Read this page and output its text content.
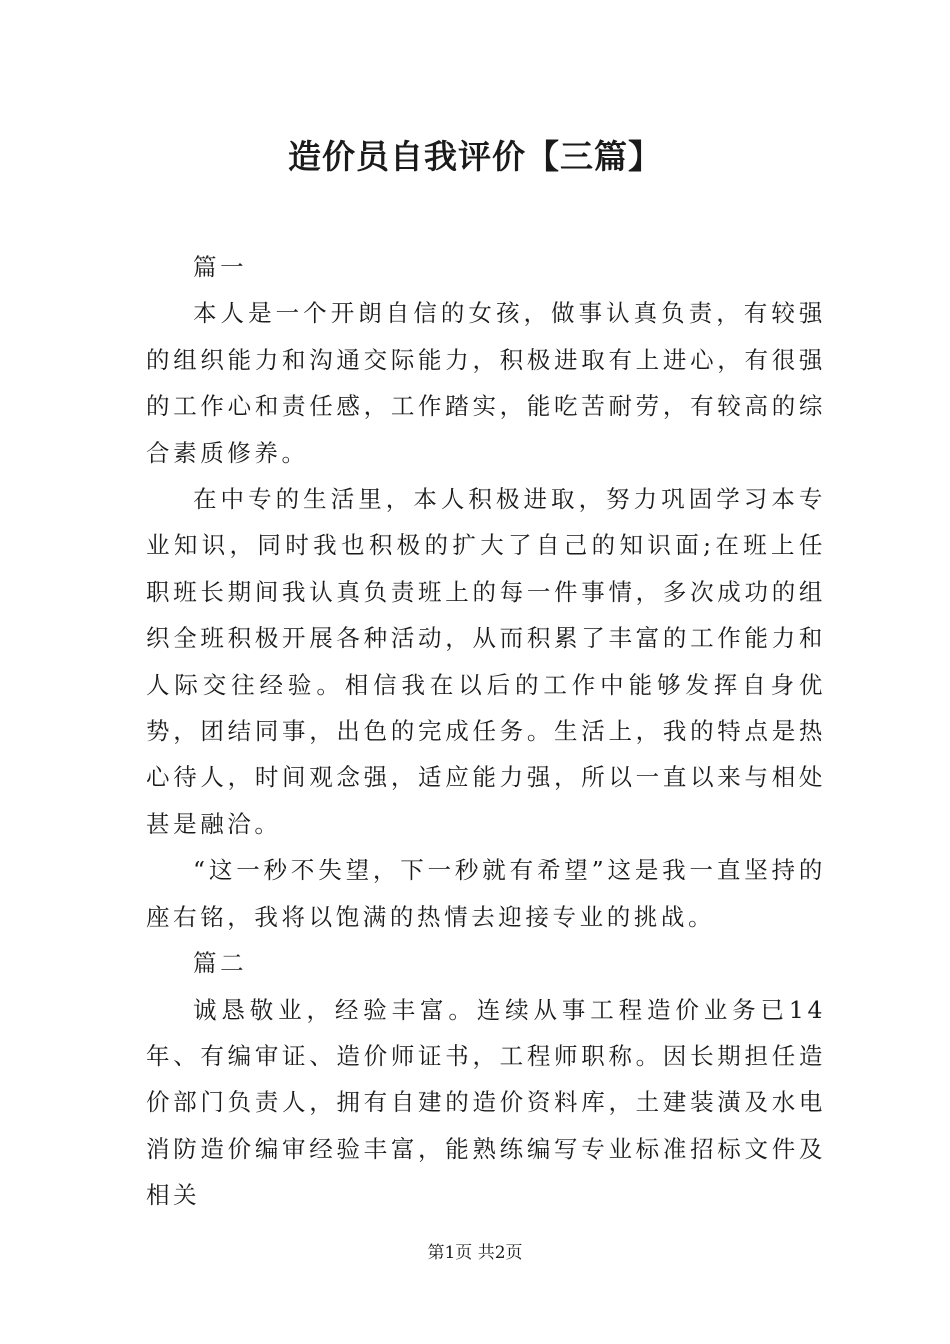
造价员自我评价【三篇】

篇一

本人是一个开朗自信的女孩，做事认真负责，有较强的组织能力和沟通交际能力，积极进取有上进心，有很强的工作心和责任感，工作踏实，能吃苦耐劳，有较高的综合素质修养。

在中专的生活里，本人积极进取，努力巩固学习本专业知识，同时我也积极的扩大了自己的知识面;在班上任职班长期间我认真负责班上的每一件事情，多次成功的组织全班积极开展各种活动，从而积累了丰富的工作能力和人际交往经验。相信我在以后的工作中能够发挥自身优势，团结同事，出色的完成任务。生活上，我的特点是热心待人，时间观念强，适应能力强，所以一直以来与相处甚是融洽。

“这一秒不失望，下一秒就有希望”这是我一直坚持的座右铭，我将以饱满的热情去迎接专业的挑战。

篇二

诚恳敬业，经验丰富。连续从事工程造价业务已14年、有编审证、造价师证书，工程师职称。因长期担任造价部门负责人，拥有自建的造价资料库，土建装潢及水电消防造价编审经验丰富，能熟练编写专业标准招标文件及相关

第1页 共2页
